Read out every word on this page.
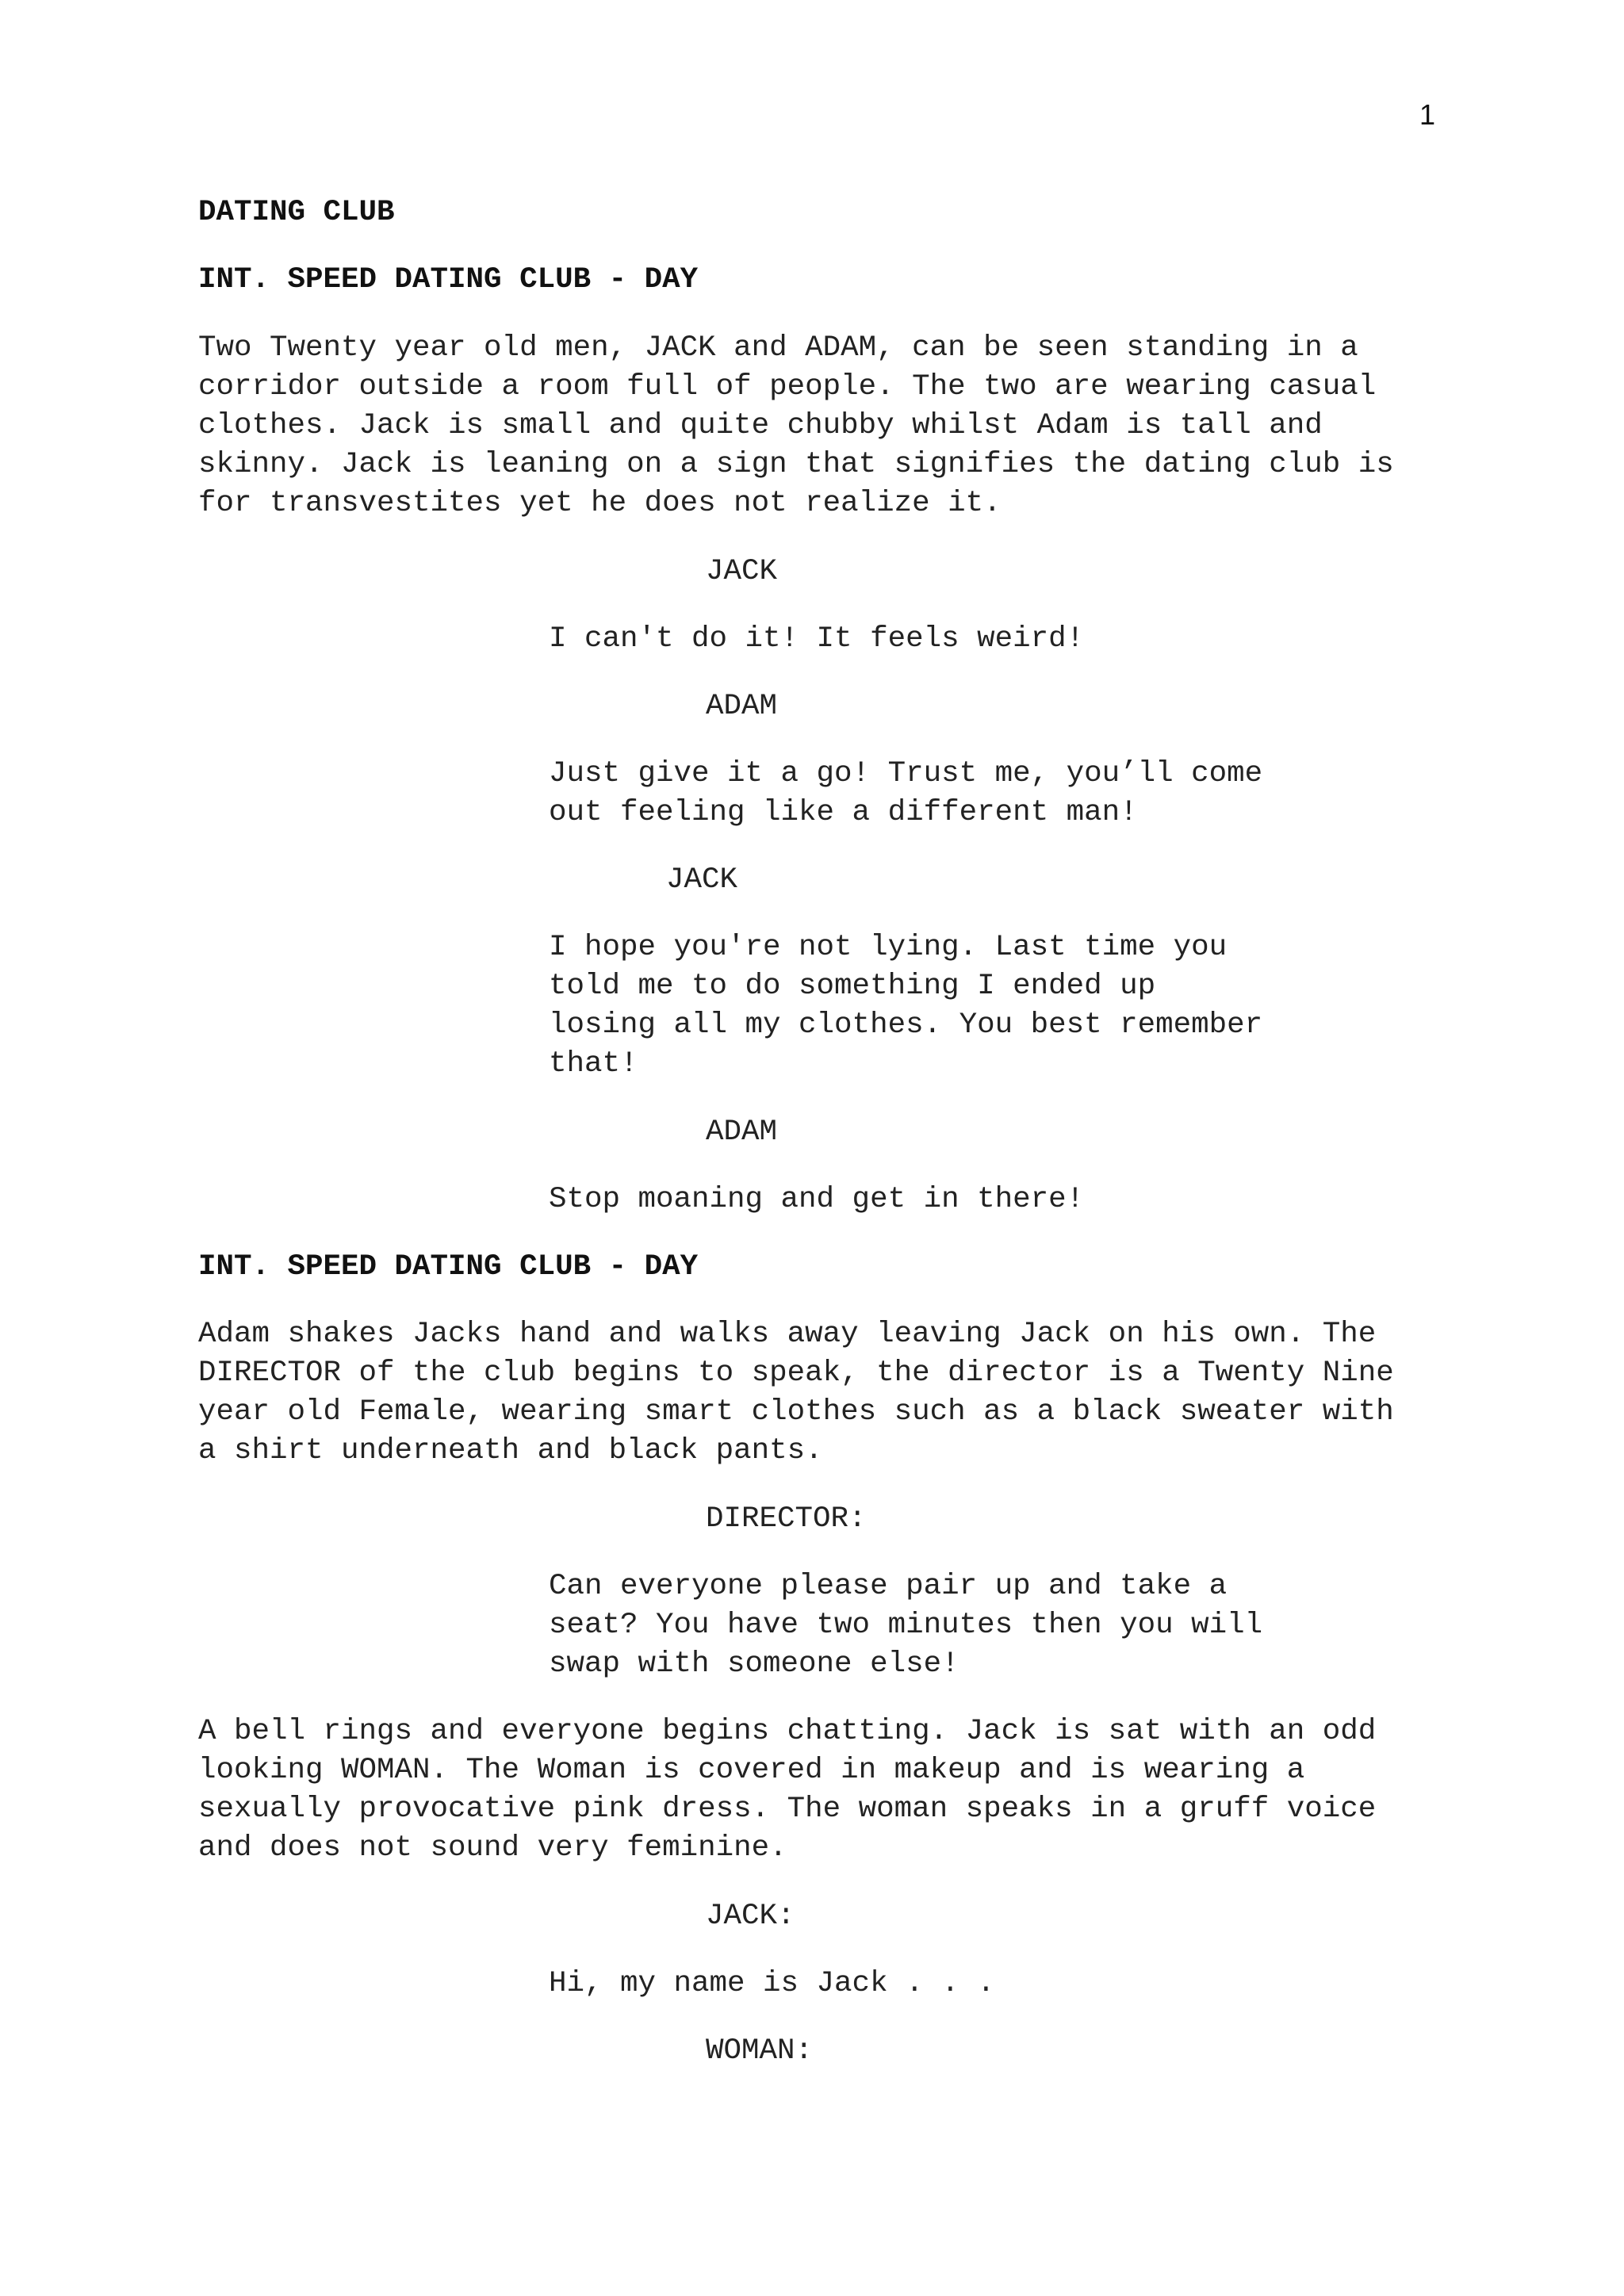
1
DATING CLUB
INT. SPEED DATING CLUB - DAY
Two Twenty year old men, JACK and ADAM, can be seen standing in a
corridor outside a room full of people. The two are wearing casual
clothes. Jack is small and quite chubby whilst Adam is tall and
skinny. Jack is leaning on a sign that signifies the dating club is
for transvestites yet he does not realize it.
JACK
I can't do it! It feels weird!
ADAM
Just give it a go! Trust me, you’ll come
out feeling like a different man!
JACK
I hope you're not lying. Last time you
told me to do something I ended up
losing all my clothes. You best remember
that!
ADAM
Stop moaning and get in there!
INT. SPEED DATING CLUB - DAY
Adam shakes Jacks hand and walks away leaving Jack on his own. The
DIRECTOR of the club begins to speak, the director is a Twenty Nine
year old Female, wearing smart clothes such as a black sweater with
a shirt underneath and black pants.
DIRECTOR:
Can everyone please pair up and take a
seat? You have two minutes then you will
swap with someone else!
A bell rings and everyone begins chatting. Jack is sat with an odd
looking WOMAN. The Woman is covered in makeup and is wearing a
sexually provocative pink dress. The woman speaks in a gruff voice
and does not sound very feminine.
JACK:
Hi, my name is Jack . . .
WOMAN:
